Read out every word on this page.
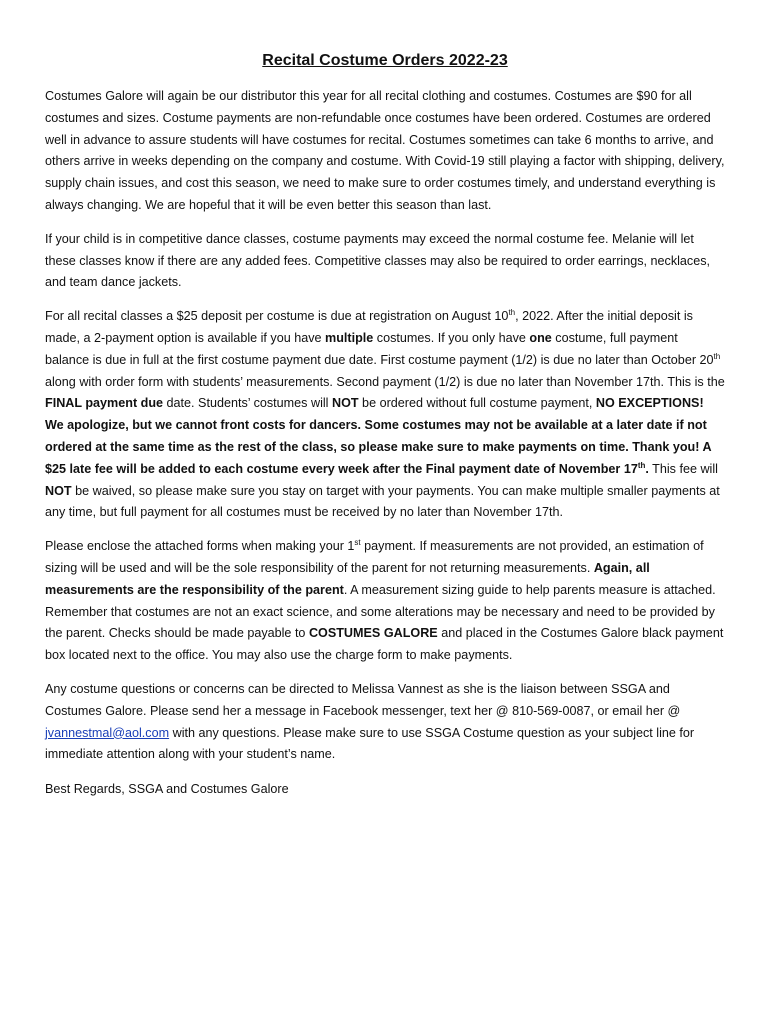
Recital Costume Orders 2022-23

Costumes Galore will again be our distributor this year for all recital clothing and costumes. Costumes are $90 for all costumes and sizes. Costume payments are non-refundable once costumes have been ordered. Costumes are ordered well in advance to assure students will have costumes for recital. Costumes sometimes can take 6 months to arrive, and others arrive in weeks depending on the company and costume. With Covid-19 still playing a factor with shipping, delivery, supply chain issues, and cost this season, we need to make sure to order costumes timely, and understand everything is always changing. We are hopeful that it will be even better this season than last.

If your child is in competitive dance classes, costume payments may exceed the normal costume fee. Melanie will let these classes know if there are any added fees. Competitive classes may also be required to order earrings, necklaces, and team dance jackets.

For all recital classes a $25 deposit per costume is due at registration on August 10th, 2022. After the initial deposit is made, a 2-payment option is available if you have multiple costumes. If you only have one costume, full payment balance is due in full at the first costume payment due date. First costume payment (1/2) is due no later than October 20th along with order form with students’ measurements. Second payment (1/2) is due no later than November 17th. This is the FINAL payment due date. Students’ costumes will NOT be ordered without full costume payment, NO EXCEPTIONS! We apologize, but we cannot front costs for dancers. Some costumes may not be available at a later date if not ordered at the same time as the rest of the class, so please make sure to make payments on time. Thank you! A $25 late fee will be added to each costume every week after the Final payment date of November 17th. This fee will NOT be waived, so please make sure you stay on target with your payments. You can make multiple smaller payments at any time, but full payment for all costumes must be received by no later than November 17th.

Please enclose the attached forms when making your 1st payment. If measurements are not provided, an estimation of sizing will be used and will be the sole responsibility of the parent for not returning measurements. Again, all measurements are the responsibility of the parent. A measurement sizing guide to help parents measure is attached. Remember that costumes are not an exact science, and some alterations may be necessary and need to be provided by the parent. Checks should be made payable to COSTUMES GALORE and placed in the Costumes Galore black payment box located next to the office. You may also use the charge form to make payments.

Any costume questions or concerns can be directed to Melissa Vannest as she is the liaison between SSGA and Costumes Galore. Please send her a message in Facebook messenger, text her @ 810-569-0087, or email her @ jvannestmal@aol.com with any questions. Please make sure to use SSGA Costume question as your subject line for immediate attention along with your student’s name.

Best Regards, SSGA and Costumes Galore
